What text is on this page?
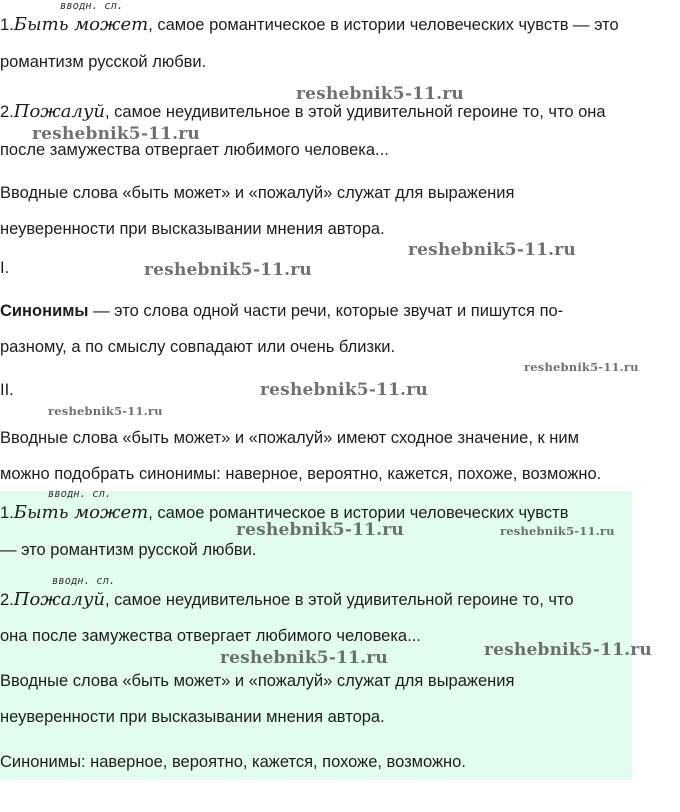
вводн. сл.
1.Быть может, самое романтическое в истории человеческих чувств — это
романтизм русской любви.
2.Пожалуй, самое неудивительное в этой удивительной героине то, что она
после замужества отвергает любимого человека...
Вводные слова «быть может» и «пожалуй» служат для выражения
неуверенности при высказывании мнения автора.
I.
Синонимы — это слова одной части речи, которые звучат и пишутся по-
разному, а по смыслу совпадают или очень близки.
II.
Вводные слова «быть может» и «пожалуй» имеют сходное значение, к ним
можно подобрать синонимы: наверное, вероятно, кажется, похоже, возможно.
вводн. сл.
1.Быть может, самое романтическое в истории человеческих чувств
— это романтизм русской любви.
вводн. сл.
2.Пожалуй, самое неудивительное в этой удивительной героине то, что
она после замужества отвергает любимого человека...
Вводные слова «быть может» и «пожалуй» служат для выражения
неуверенности при высказывании мнения автора.
Синонимы: наверное, вероятно, кажется, похоже, возможно.
reshebnik5-11.ru
reshebnik5-11.ru
reshebnik5-11.ru
reshebnik5-11.ru
reshebnik5-11.ru
reshebnik5-11.ru
reshebnik5-11.ru
reshebnik5-11.ru	reshebnik5-11.ru
reshebnik5-11.ru
reshebnik5-11.ru
